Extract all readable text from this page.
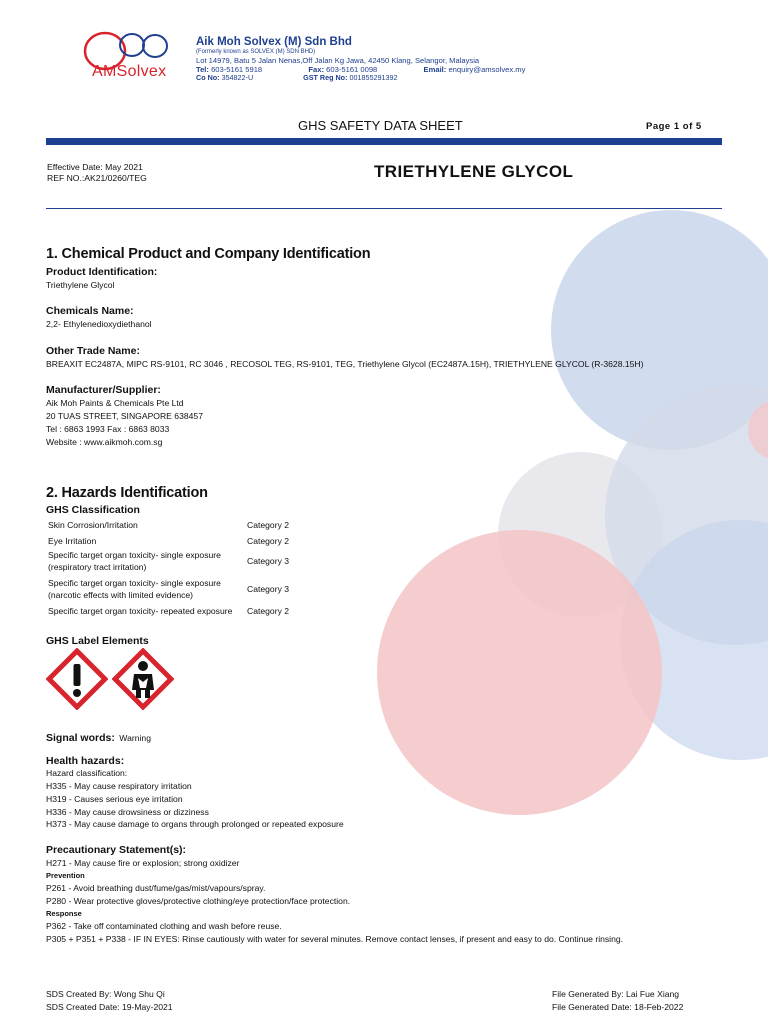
AMSolvex
Aik Moh Solvex (M) Sdn Bhd
(Formerly known as SOLVEX (M) SDN BHD)
Lot 14979, Batu 5 Jalan Nenas,Off Jalan Kg Jawa, 42450 Klang, Selangor, Malaysia
Tel: 603-5161 5918	Fax: 603-5161 0098	Email: enquiry@amsolvex.my
Co No: 354822-U	GST Reg No: 001855291392
GHS SAFETY DATA SHEET	Page 1 of 5
Effective Date: May 2021
REF NO.:AK21/0260/TEG	TRIETHYLENE GLYCOL
1. Chemical Product and Company Identification
Product Identification:
Triethylene Glycol
Chemicals Name:
2,2- Ethylenedioxydiethanol
Other Trade Name:
BREAXIT EC2487A, MIPC RS-9101, RC 3046 , RECOSOL TEG, RS-9101, TEG, Triethylene Glycol (EC2487A.15H), TRIETHYLENE GLYCOL (R-3628.15H)
Manufacturer/Supplier:
Aik Moh Paints & Chemicals Pte Ltd
20 TUAS STREET, SINGAPORE 638457
Tel : 6863 1993 Fax : 6863 8033
Website : www.aikmoh.com.sg
2. Hazards Identification
GHS Classification
Skin Corrosion/Irritation	Category 2
Eye Irritation	Category 2
Specific target organ toxicity- single exposure
(respiratory tract irritation)
Category 3
Specific target organ toxicity- single exposure
(narcotic effects with limited evidence)
Category 3
Specific target organ toxicity- repeated exposure	Category 2
GHS Label Elements
Signal words: Warning
Health hazards:
Hazard classification:
H335 - May cause respiratory irritation
H319 - Causes serious eye irritation
H336 - May cause drowsiness or dizziness
H373 - May cause damage to organs through prolonged or repeated exposure
Precautionary Statement(s):
H271 - May cause fire or explosion; strong oxidizer
Prevention
P261 - Avoid breathing dust/fume/gas/mist/vapours/spray.
P280 - Wear protective gloves/protective clothing/eye protection/face protection.
Response
P362 - Take off contaminated clothing and wash before reuse.
P305 + P351 + P338 - IF IN EYES: Rinse cautiously with water for several minutes. Remove contact lenses, if present and easy to do. Continue rinsing.
SDS Created By: Wong Shu Qi
SDS Created Date: 19-May-2021
File Generated By: Lai Fue Xiang
File Generated Date: 18-Feb-2022
